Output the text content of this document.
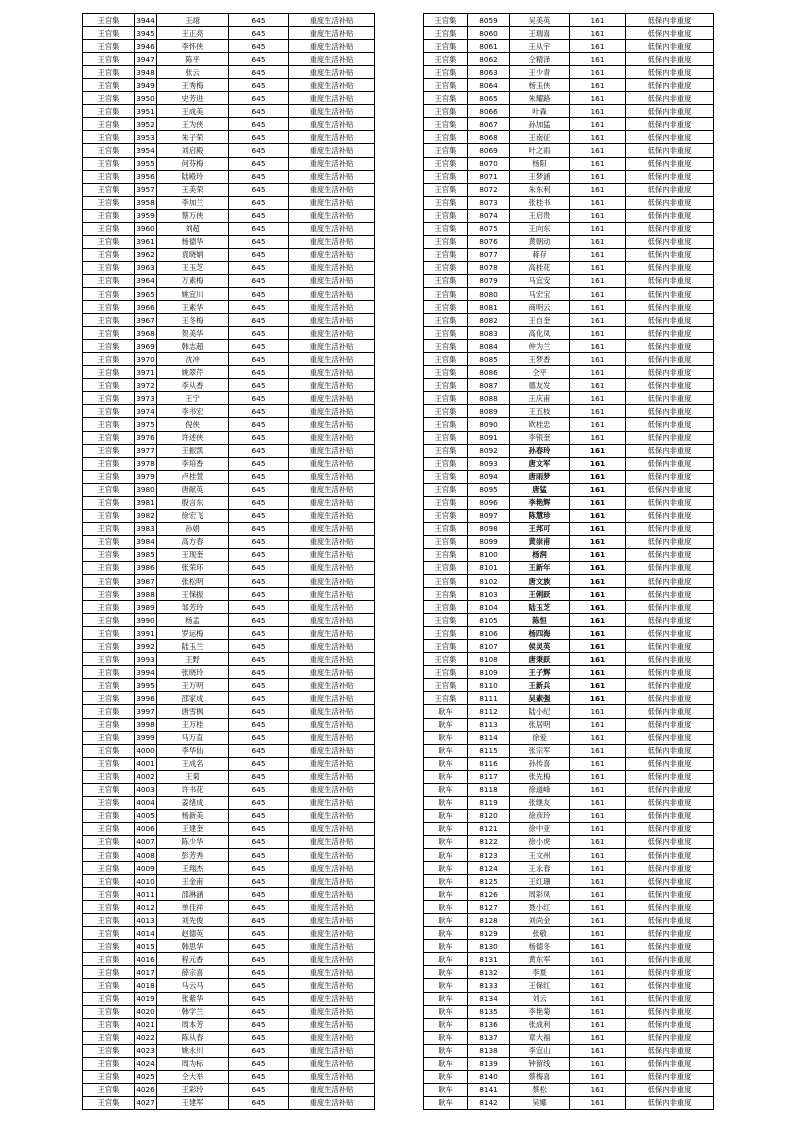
王官集	3944	王翊	645	重度生活补贴
王官集	3945	王正亮	645	重度生活补贴
王官集	3946	李怀侠	645	重度生活补贴
王官集	3947	陈平	645	重度生活补贴
王官集	3948	张云	645	重度生活补贴
王官集	3949	王秀梅	645	重度生活补贴
王官集	3950	史芳进	645	重度生活补贴
王官集	3951	王成美	645	重度生活补贴
王官集	3952	王为侠	645	重度生活补贴
王官集	3953	朱子荣	645	重度生活补贴
王官集	3954	刘启殿	645	重度生活补贴
王官集	3955	何芬梅	645	重度生活补贴
王官集	3956	陆殿玲	645	重度生活补贴
王官集	3957	王美荣	645	重度生活补贴
王官集	3958	李加兰	645	重度生活补贴
王官集	3959	蔡万侠	645	重度生活补贴
王官集	3960	刘超	645	重度生活补贴
王官集	3961	杨德华	645	重度生活补贴
王官集	3962	袁晓娟	645	重度生活补贴
王官集	3963	王玉芝	645	重度生活补贴
王官集	3964	万素梅	645	重度生活补贴
王官集	3965	姚宜川	645	重度生活补贴
王官集	3966	王素华	645	重度生活补贴
王官集	3967	王冬梅	645	重度生活补贴
王官集	3968	贺美华	645	重度生活补贴
王官集	3969	韩志超	645	重度生活补贴
王官集	3970	沈冲	645	重度生活补贴
王官集	3971	姚翠芹	645	重度生活补贴
王官集	3972	李从香	645	重度生活补贴
王官集	3973	王宁	645	重度生活补贴
王官集	3974	李书宏	645	重度生活补贴
王官集	3975	倪侠	645	重度生活补贴
王官集	3976	许述侠	645	重度生活补贴
王官集	3977	王振凯	645	重度生活补贴
王官集	3978	李培香	645	重度生活补贴
王官集	3979	卢桂萱	645	重度生活补贴
王官集	3980	唐献英	645	重度生活补贴
王官集	3981	殷言东	645	重度生活补贴
王官集	3982	徐宏飞	645	重度生活补贴
王官集	3983	孙娟	645	重度生活补贴
王官集	3984	高方春	645	重度生活补贴
王官集	3985	王现奎	645	重度生活补贴
王官集	3986	张荣环	645	重度生活补贴
王官集	3987	张松明	645	重度生活补贴
王官集	3988	王保振	645	重度生活补贴
王官集	3989	邹芳玲	645	重度生活补贴
王官集	3990	杨孟	645	重度生活补贴
王官集	3991	罗运梅	645	重度生活补贴
王官集	3992	陆玉兰	645	重度生活补贴
王官集	3993	王野	645	重度生活补贴
王官集	3994	张晓玲	645	重度生活补贴
王官集	3995	王万明	645	重度生活补贴
王官集	3996	邵家成	645	重度生活补贴
王官集	3997	唐雪枫	645	重度生活补贴
王官集	3998	王万桂	645	重度生活补贴
王官集	3999	马万直	645	重度生活补贴
王官集	4000	李华仙	645	重度生活补贴
王官集	4001	王成名	645	重度生活补贴
王官集	4002	王菊	645	重度生活补贴
王官集	4003	许书花	645	重度生活补贴
王官集	4004	姜绪成	645	重度生活补贴
王官集	4005	杨新美	645	重度生活补贴
王官集	4006	王建奎	645	重度生活补贴
王官集	4007	陈少华	645	重度生活补贴
王官集	4008	彭芳秀	645	重度生活补贴
王官集	4009	王翔杰	645	重度生活补贴
王官集	4010	王金甫	645	重度生活补贴
王官集	4011	邵淋涵	645	重度生活补贴
王官集	4012	单佳祥	645	重度生活补贴
王官集	4013	刘先俊	645	重度生活补贴
王官集	4014	赵德英	645	重度生活补贴
王官集	4015	韩思华	645	重度生活补贴
王官集	4016	程元香	645	重度生活补贴
王官集	4017	薛宗喜	645	重度生活补贴
王官集	4018	马云马	645	重度生活补贴
王官集	4019	张紫华	645	重度生活补贴
王官集	4020	韩学兰	645	重度生活补贴
王官集	4021	周本芳	645	重度生活补贴
王官集	4022	陈从春	645	重度生活补贴
王官集	4023	姚永川	645	重度生活补贴
王官集	4024	周为标	645	重度生活补贴
王官集	4025	仝大举	645	重度生活补贴
王官集	4026	王彩玲	645	重度生活补贴
王官集	4027	王建军	645	重度生活补贴
王官集	8059	吴美英	161	低保内非重度
王官集	8060	王瑞喜	161	低保内非重度
王官集	8061	王从宇	161	低保内非重度
王官集	8062	仝精泽	161	低保内非重度
王官集	8063	王少青	161	低保内非重度
王官集	8064	杨玉侠	161	低保内非重度
王官集	8065	朱耀路	161	低保内非重度
王官集	8066	叶森	161	低保内非重度
王官集	8067	孙加猛	161	低保内非重度
王官集	8068	王南征	161	低保内非重度
王官集	8069	叶之雨	161	低保内非重度
王官集	8070	杨阳	161	低保内非重度
王官集	8071	王梦涵	161	低保内非重度
王官集	8072	朱东利	161	低保内非重度
王官集	8073	张桂书	161	低保内非重度
王官集	8074	王启贵	161	低保内非重度
王官集	8075	王向东	161	低保内非重度
王官集	8076	黄朝动	161	低保内非重度
王官集	8077	蒋存	161	低保内非重度
王官集	8078	高桂花	161	低保内非重度
王官集	8079	马宜安	161	低保内非重度
王官集	8080	马宏宝	161	低保内非重度
王官集	8081	商明云	161	低保内非重度
王官集	8082	王自奎	161	低保内非重度
王官集	8083	高化凤	161	低保内非重度
王官集	8084	仲为兰	161	低保内非重度
王官集	8085	王梦香	161	低保内非重度
王官集	8086	仝平	161	低保内非重度
王官集	8087	德友发	161	低保内非重度
王官集	8088	王庆甫	161	低保内非重度
王官集	8089	王五枝	161	低保内非重度
王官集	8090	欧桂忠	161	低保内非重度
王官集	8091	李银奎	161	低保内非重度
王官集	8092	孙春玲	161	低保内非重度
王官集	8093	唐文军	161	低保内非重度
王官集	8094	唐雨梦	161	低保内非重度
王官集	8095	唐猛	161	低保内非重度
王官集	8096	李艳辉	161	低保内非重度
王官集	8097	陈慧珍	161	低保内非重度
王官集	8098	王邦可	161	低保内非重度
王官集	8099	黄崇甫	161	低保内非重度
王官集	8100	杨润	161	低保内非重度
王官集	8101	王新年	161	低保内非重度
王官集	8102	唐文族	161	低保内非重度
王官集	8103	王俐跃	161	低保内非重度
王官集	8104	陆玉芝	161	低保内非重度
王官集	8105	陈恒	161	低保内非重度
王官集	8106	杨四海	161	低保内非重度
王官集	8107	侯灵英	161	低保内非重度
王官集	8108	唐秉跃	161	低保内非重度
王官集	8109	王子辉	161	低保内非重度
王官集	8110	王新兵	161	低保内非重度
王官集	8111	吴素强	161	低保内非重度
耿车	8112	陆小纪	161	低保内非重度
耿车	8113	张居明	161	低保内非重度
耿车	8114	徐爱	161	低保内非重度
耿车	8115	张宗军	161	低保内非重度
耿车	8116	孙传喜	161	低保内非重度
耿车	8117	张先梅	161	低保内非重度
耿车	8118	徐道峰	161	低保内非重度
耿车	8119	张继友	161	低保内非重度
耿车	8120	徐彦玲	161	低保内非重度
耿车	8121	徐中亚	161	低保内非重度
耿车	8122	徐小虎	161	低保内非重度
耿车	8123	王文州	161	低保内非重度
耿车	8124	王永春	161	低保内非重度
耿车	8125	王红珊	161	低保内非重度
耿车	8126	周彩凤	161	低保内非重度
耿车	8127	聂小红	161	低保内非重度
耿车	8128	刘尚金	161	低保内非重度
耿车	8129	张敬	161	低保内非重度
耿车	8130	杨德冬	161	低保内非重度
耿车	8131	黄东军	161	低保内非重度
耿车	8132	李夏	161	低保内非重度
耿车	8133	王保红	161	低保内非重度
耿车	8134	刘云	161	低保内非重度
耿车	8135	李艳菊	161	低保内非重度
耿车	8136	张成利	161	低保内非重度
耿车	8137	章大福	161	低保内非重度
耿车	8138	李宜山	161	低保内非重度
耿车	8139	钟留线	161	低保内非重度
耿车	8140	蔡梅喜	161	低保内非重度
耿车	8141	蔡松	161	低保内非重度
耿车	8142	吴娜	161	低保内非重度
